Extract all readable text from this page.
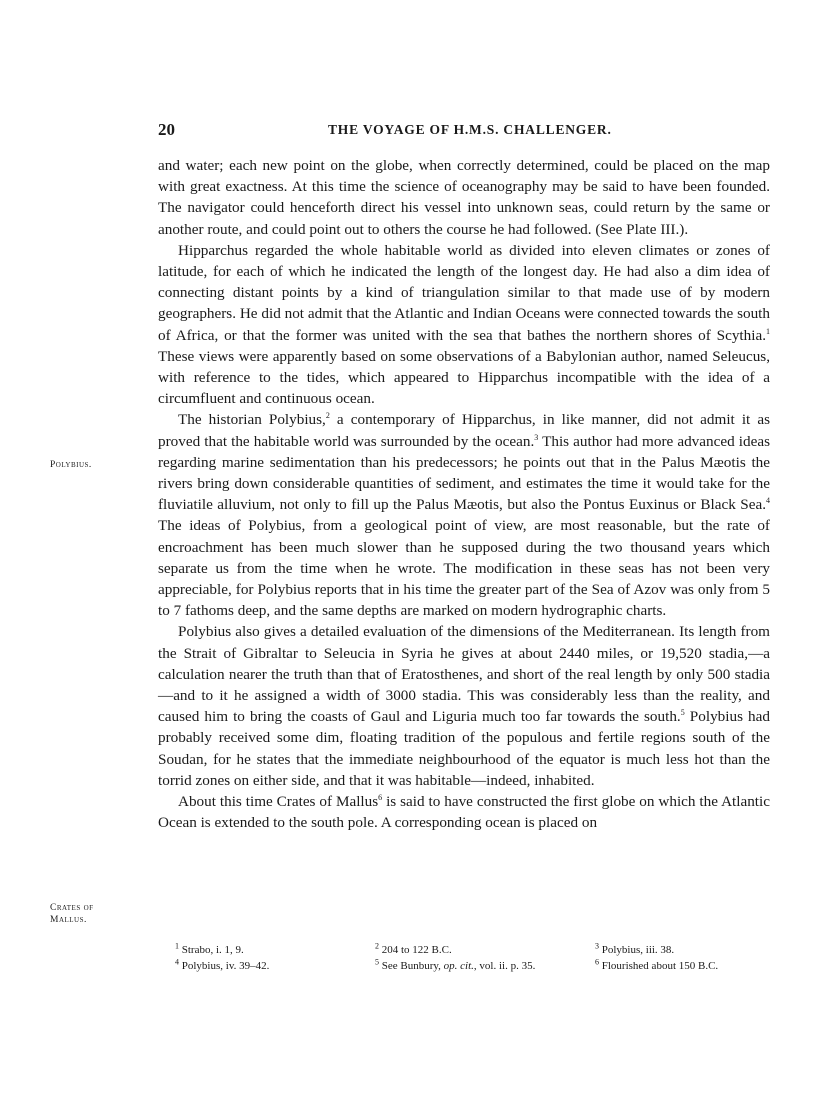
20	THE VOYAGE OF H.M.S. CHALLENGER.
Polybius.
Crates of
Mallus.

and water; each new point on the globe, when correctly determined, could be placed on the map with great exactness. At this time the science of oceanography may be said to have been founded. The navigator could henceforth direct his vessel into unknown seas, could return by the same or another route, and could point out to others the course he had followed. (See Plate III.).

Hipparchus regarded the whole habitable world as divided into eleven climates or zones of latitude, for each of which he indicated the length of the longest day. He had also a dim idea of connecting distant points by a kind of triangulation similar to that made use of by modern geographers. He did not admit that the Atlantic and Indian Oceans were connected towards the south of Africa, or that the former was united with the sea that bathes the northern shores of Scythia.$^1$ These views were apparently based on some observations of a Babylonian author, named Seleucus, with reference to the tides, which appeared to Hipparchus incompatible with the idea of a circumfluent and continuous ocean.

The historian Polybius,$^2$ a contemporary of Hipparchus, in like manner, did not admit it as proved that the habitable world was surrounded by the ocean.$^3$ This author had more advanced ideas regarding marine sedimentation than his predecessors; he points out that in the Palus Mæotis the rivers bring down considerable quantities of sediment, and estimates the time it would take for the fluviatile alluvium, not only to fill up the Palus Mæotis, but also the Pontus Euxinus or Black Sea.$^4$ The ideas of Polybius, from a geological point of view, are most reasonable, but the rate of encroachment has been much slower than he supposed during the two thousand years which separate us from the time when he wrote. The modification in these seas has not been very appreciable, for Polybius reports that in his time the greater part of the Sea of Azov was only from 5 to 7 fathoms deep, and the same depths are marked on modern hydrographic charts.

Polybius also gives a detailed evaluation of the dimensions of the Mediterranean. Its length from the Strait of Gibraltar to Seleucia in Syria he gives at about 2440 miles, or 19,520 stadia,—a calculation nearer the truth than that of Eratosthenes, and short of the real length by only 500 stadia—and to it he assigned a width of 3000 stadia. This was considerably less than the reality, and caused him to bring the coasts of Gaul and Liguria much too far towards the south.$^5$ Polybius had probably received some dim, floating tradition of the populous and fertile regions south of the Soudan, for he states that the immediate neighbourhood of the equator is much less hot than the torrid zones on either side, and that it was habitable—indeed, inhabited.

About this time Crates of Mallus$^6$ is said to have constructed the first globe on which the Atlantic Ocean is extended to the south pole. A corresponding ocean is placed on

$^1$ Strabo, i. 1, 9.	$^2$ 204 to 122 B.C.	$^3$ Polybius, iii. 38.
$^4$ Polybius, iv. 39–42.	$^5$ See Bunbury, op. cit., vol. ii. p. 35.	$^6$ Flourished about 150 B.C.
